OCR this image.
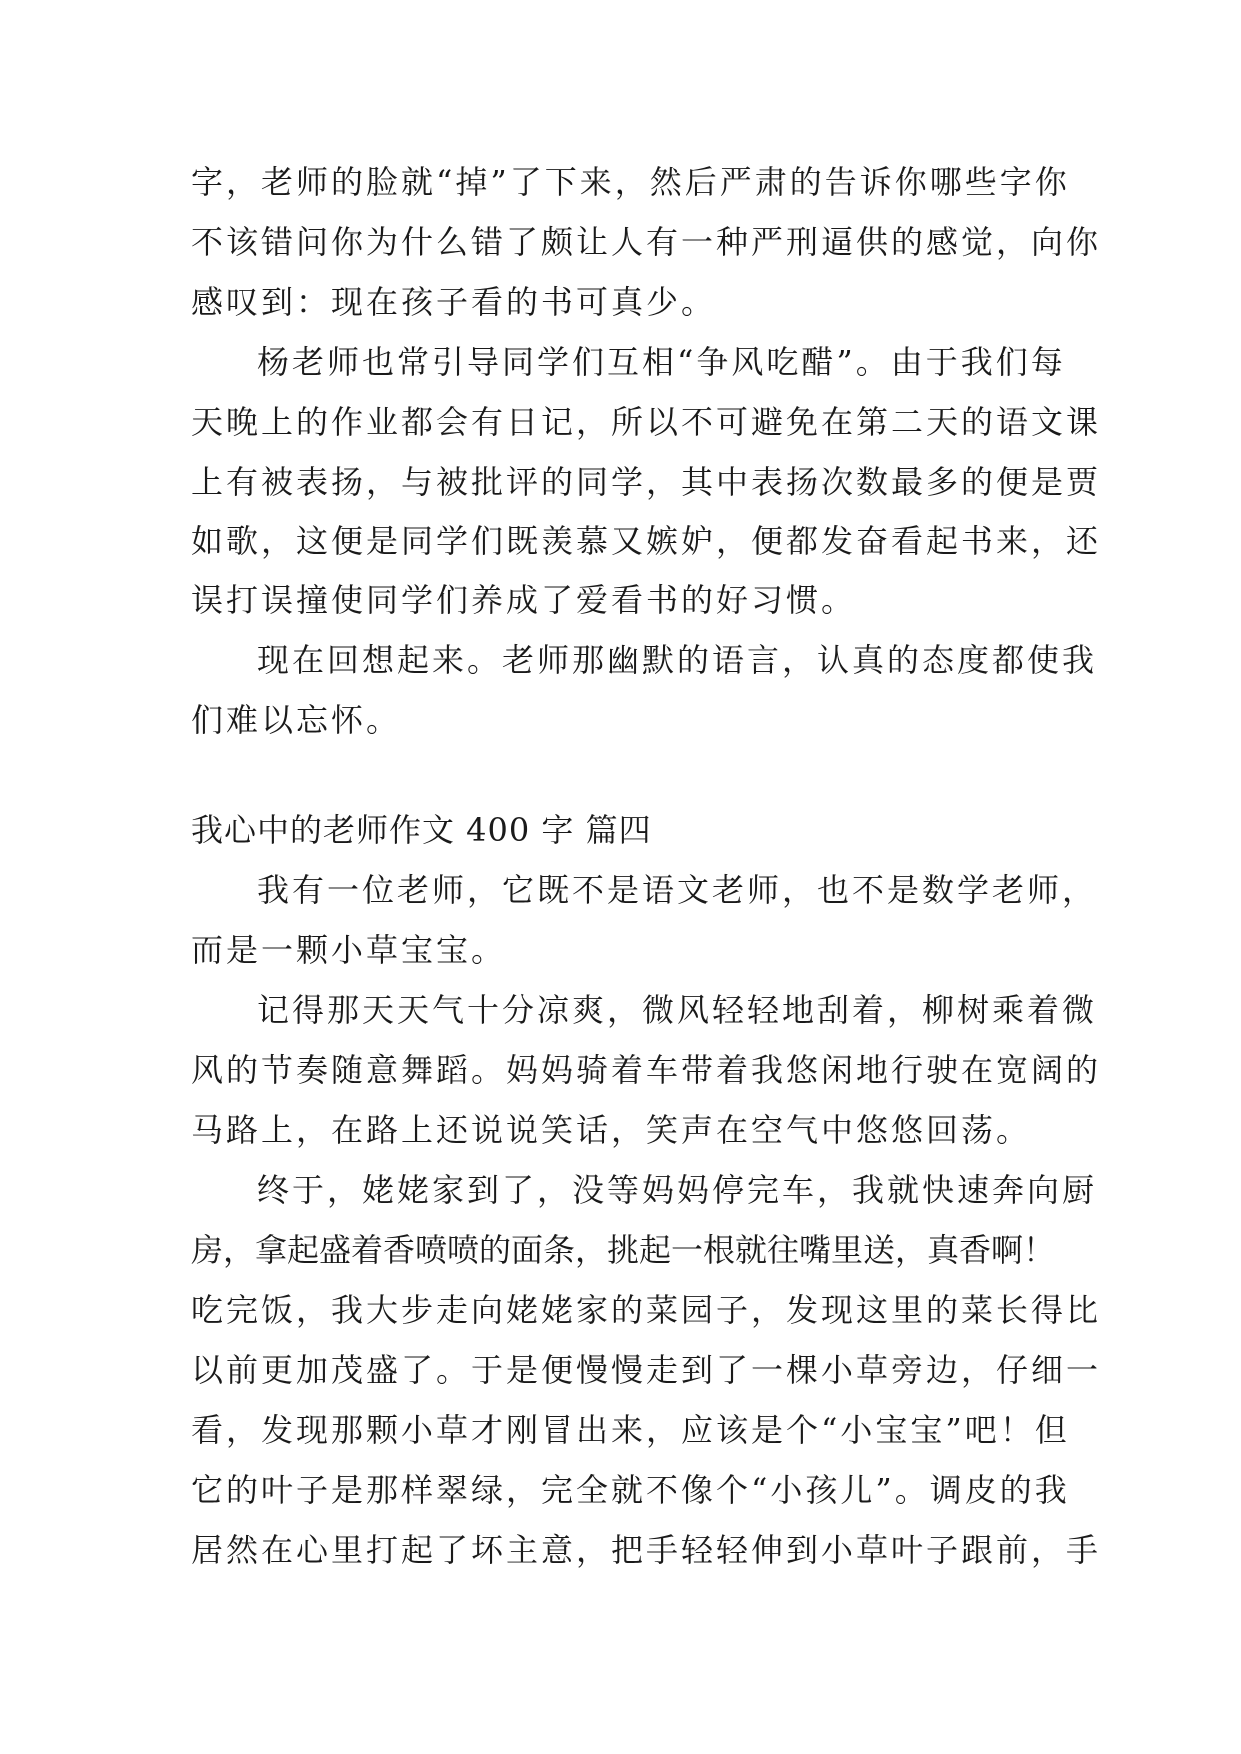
字，老师的脸就“掉”了下来，然后严肃的告诉你哪些字你
不该错问你为什么错了颇让人有一种严刑逼供的感觉，向你
感叹到：现在孩子看的书可真少。
杨老师也常引导同学们互相“争风吃醋”。由于我们每
天晚上的作业都会有日记，所以不可避免在第二天的语文课
上有被表扬，与被批评的同学，其中表扬次数最多的便是贾
如歌，这便是同学们既羡慕又嫉妒，便都发奋看起书来，还
误打误撞使同学们养成了爱看书的好习惯。
现在回想起来。老师那幽默的语言，认真的态度都使我
们难以忘怀。
我心中的老师作文 400 字 篇四
我有一位老师，它既不是语文老师，也不是数学老师，
而是一颗小草宝宝。
记得那天天气十分凉爽，微风轻轻地刮着，柳树乘着微
风的节奏随意舞蹈。妈妈骑着车带着我悠闲地行驶在宽阔的
马路上，在路上还说说笑话，笑声在空气中悠悠回荡。
终于，姥姥家到了，没等妈妈停完车，我就快速奔向厨
房，拿起盛着香喷喷的面条，挑起一根就往嘴里送，真香啊！
吃完饭，我大步走向姥姥家的菜园子，发现这里的菜长得比
以前更加茂盛了。于是便慢慢走到了一棵小草旁边，仔细一
看，发现那颗小草才刚冒出来，应该是个“小宝宝”吧！但
它的叶子是那样翠绿，完全就不像个“小孩儿”。调皮的我
居然在心里打起了坏主意，把手轻轻伸到小草叶子跟前，手
